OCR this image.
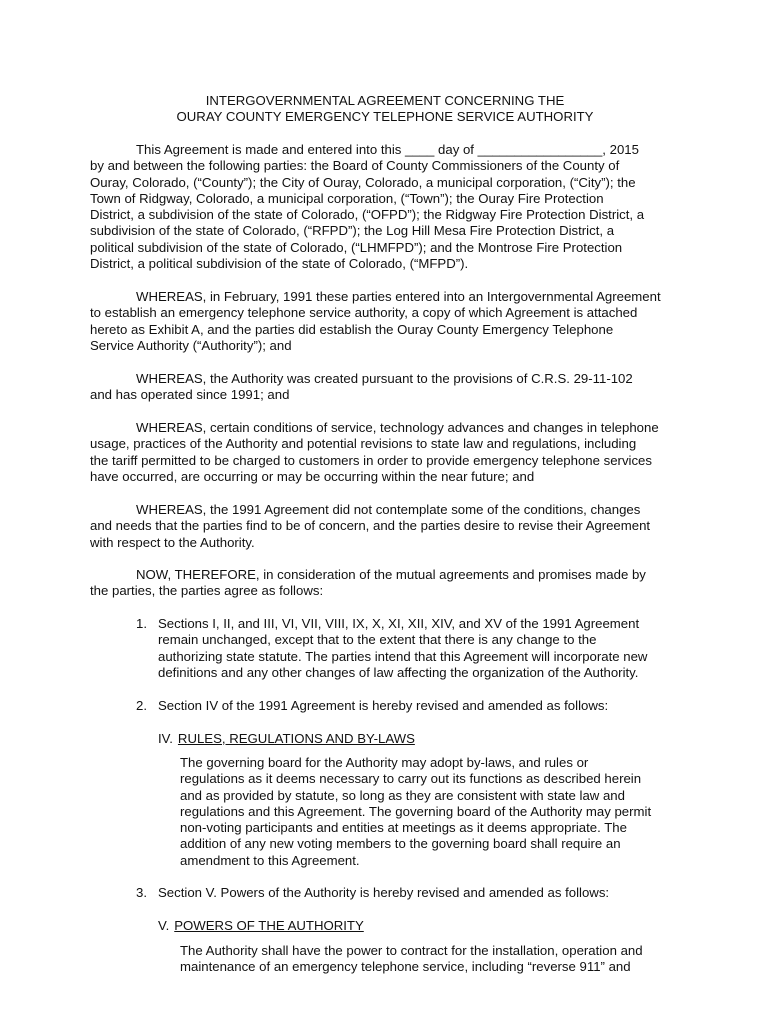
INTERGOVERNMENTAL AGREEMENT CONCERNING THE
OURAY COUNTY EMERGENCY TELEPHONE SERVICE AUTHORITY
This Agreement is made and entered into this ____ day of _________________, 2015
by and between the following parties: the Board of County Commissioners of the County of
Ouray, Colorado, (“County”); the City of Ouray, Colorado, a municipal corporation, (“City”); the
Town of Ridgway, Colorado, a municipal corporation, (“Town”); the Ouray Fire Protection
District, a subdivision of the state of Colorado, (“OFPD”); the Ridgway Fire Protection District, a
subdivision of the state of Colorado, (“RFPD”); the Log Hill Mesa Fire Protection District, a
political subdivision of the state of Colorado, (“LHMFPD”); and the Montrose Fire Protection
District, a political subdivision of the state of Colorado, (“MFPD”).
WHEREAS, in February, 1991 these parties entered into an Intergovernmental Agreement
to establish an emergency telephone service authority, a copy of which Agreement is attached
hereto as Exhibit A, and the parties did establish the Ouray County Emergency Telephone
Service Authority (“Authority”); and
WHEREAS, the Authority was created pursuant to the provisions of C.R.S. 29-11-102
and has operated since 1991; and
WHEREAS, certain conditions of service, technology advances and changes in telephone
usage, practices of the Authority and potential revisions to state law and regulations, including
the tariff permitted to be charged to customers in order to provide emergency telephone services
have occurred, are occurring or may be occurring within the near future; and
WHEREAS, the 1991 Agreement did not contemplate some of the conditions, changes
and needs that the parties find to be of concern, and the parties desire to revise their Agreement
with respect to the Authority.
NOW, THEREFORE, in consideration of the mutual agreements and promises made by
the parties, the parties agree as follows:
1. Sections I, II, and III, VI, VII, VIII, IX, X, XI, XII, XIV, and XV of the 1991 Agreement
remain unchanged, except that to the extent that there is any change to the
authorizing state statute. The parties intend that this Agreement will incorporate new
definitions and any other changes of law affecting the organization of the Authority.
2. Section IV of the 1991 Agreement is hereby revised and amended as follows:
IV. RULES, REGULATIONS AND BY-LAWS
The governing board for the Authority may adopt by-laws, and rules or
regulations as it deems necessary to carry out its functions as described herein
and as provided by statute, so long as they are consistent with state law and
regulations and this Agreement. The governing board of the Authority may permit
non-voting participants and entities at meetings as it deems appropriate. The
addition of any new voting members to the governing board shall require an
amendment to this Agreement.
3. Section V. Powers of the Authority is hereby revised and amended as follows:
V. POWERS OF THE AUTHORITY
The Authority shall have the power to contract for the installation, operation and
maintenance of an emergency telephone service, including “reverse 911” and
